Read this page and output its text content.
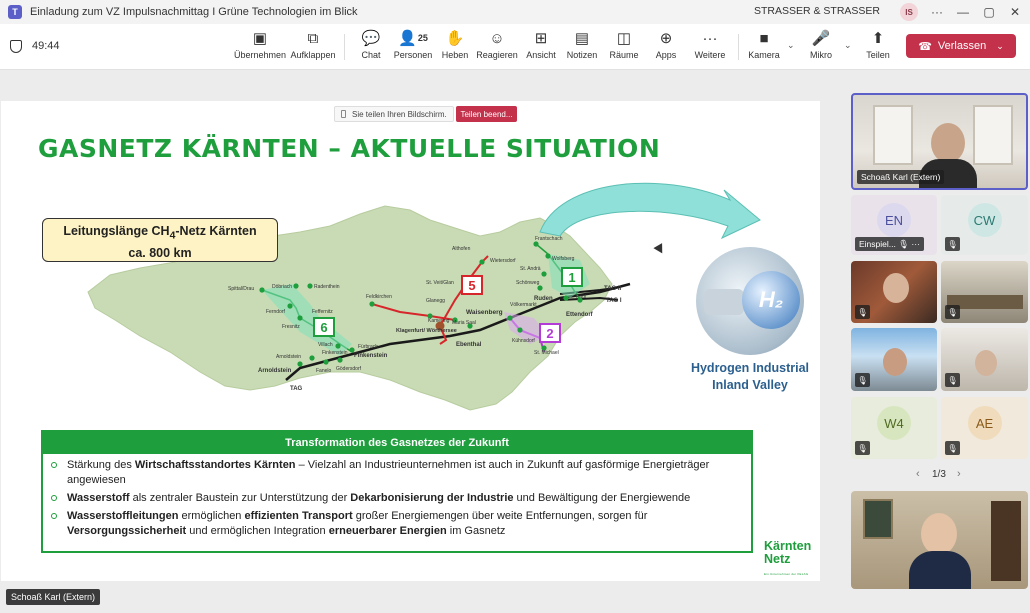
T	Einladung zum VZ Impulsnachmittag I Grüne Technologien im Blick	STRASSER & STRASSER	IS	···	—	▢	✕
49:44	▣
Übernehmen
⧉
Aufklappen
💬
Chat
👤 25
Personen
✋
Heben
☺
Reagieren
⊞
Ansicht
▤
Notizen
◫
Räume
⊕
Apps
···
Weitere
■
Kamera
⌄ 🎤
Mikro
⌄ ⬆
Teilen
☎ Verlassen ⌄
Sie teilen Ihren Bildschirm.	Teilen beend...
GASNETZ KÄRNTEN – AKTUELLE SITUATION
5
1
2
6
TAG II
TAG I
TAG
Frantschach
Wolfsberg
St. Andrä
Schönweg
Ruden	Paul
Ettendorf
Althofen
Wietersdorf
St. Veit/Glan
Feldkirchen
Glanegg
Waisenberg
Völkermarkt
Kühnsdorf
St. Michael
Klagenfurt/ Wörthersee
Ebenthal
Kamering Maria Saal
Spittal/Drau	Döbriach	Radenthein
Ferndorf	Feffernitz
Fresnitz
Villach	Fürbrach
Finkenstein
Arnoldstein
Arnoldstein	Fanelo Gödersdorf
Finkenstein
Leitungslänge $CH_4$-Netz Kärnten
ca. 800 km
H₂
Hydrogen Industrial
Inland Valley
Transformation des Gasnetzes der Zukunft
Stärkung des Wirtschaftsstandortes Kärnten – Vielzahl an Industrieunternehmen ist auch in Zukunft auf gasförmige Energieträger angewiesen
Wasserstoff als zentraler Baustein zur Unterstützung der Dekarbonisierung der Industrie und Bewältigung der Energiewende
Wasserstoffleitungen ermöglichen effizienten Transport großer Energiemengen über weite Entfernungen, sorgen für Versorgungssicherheit und ermöglichen Integration erneuerbarer Energien im Gasnetz
Kärnten
Netz
Ein Unternehmen der KELAG
Schoaß Karl (Extern)
Schoaß Karl (Extern)
EN
Einspiel... 🎙 ···
CW
🎙
🎙	🎙
🎙	🎙
W4
🎙
AE
🎙
‹ 1/3 ›
